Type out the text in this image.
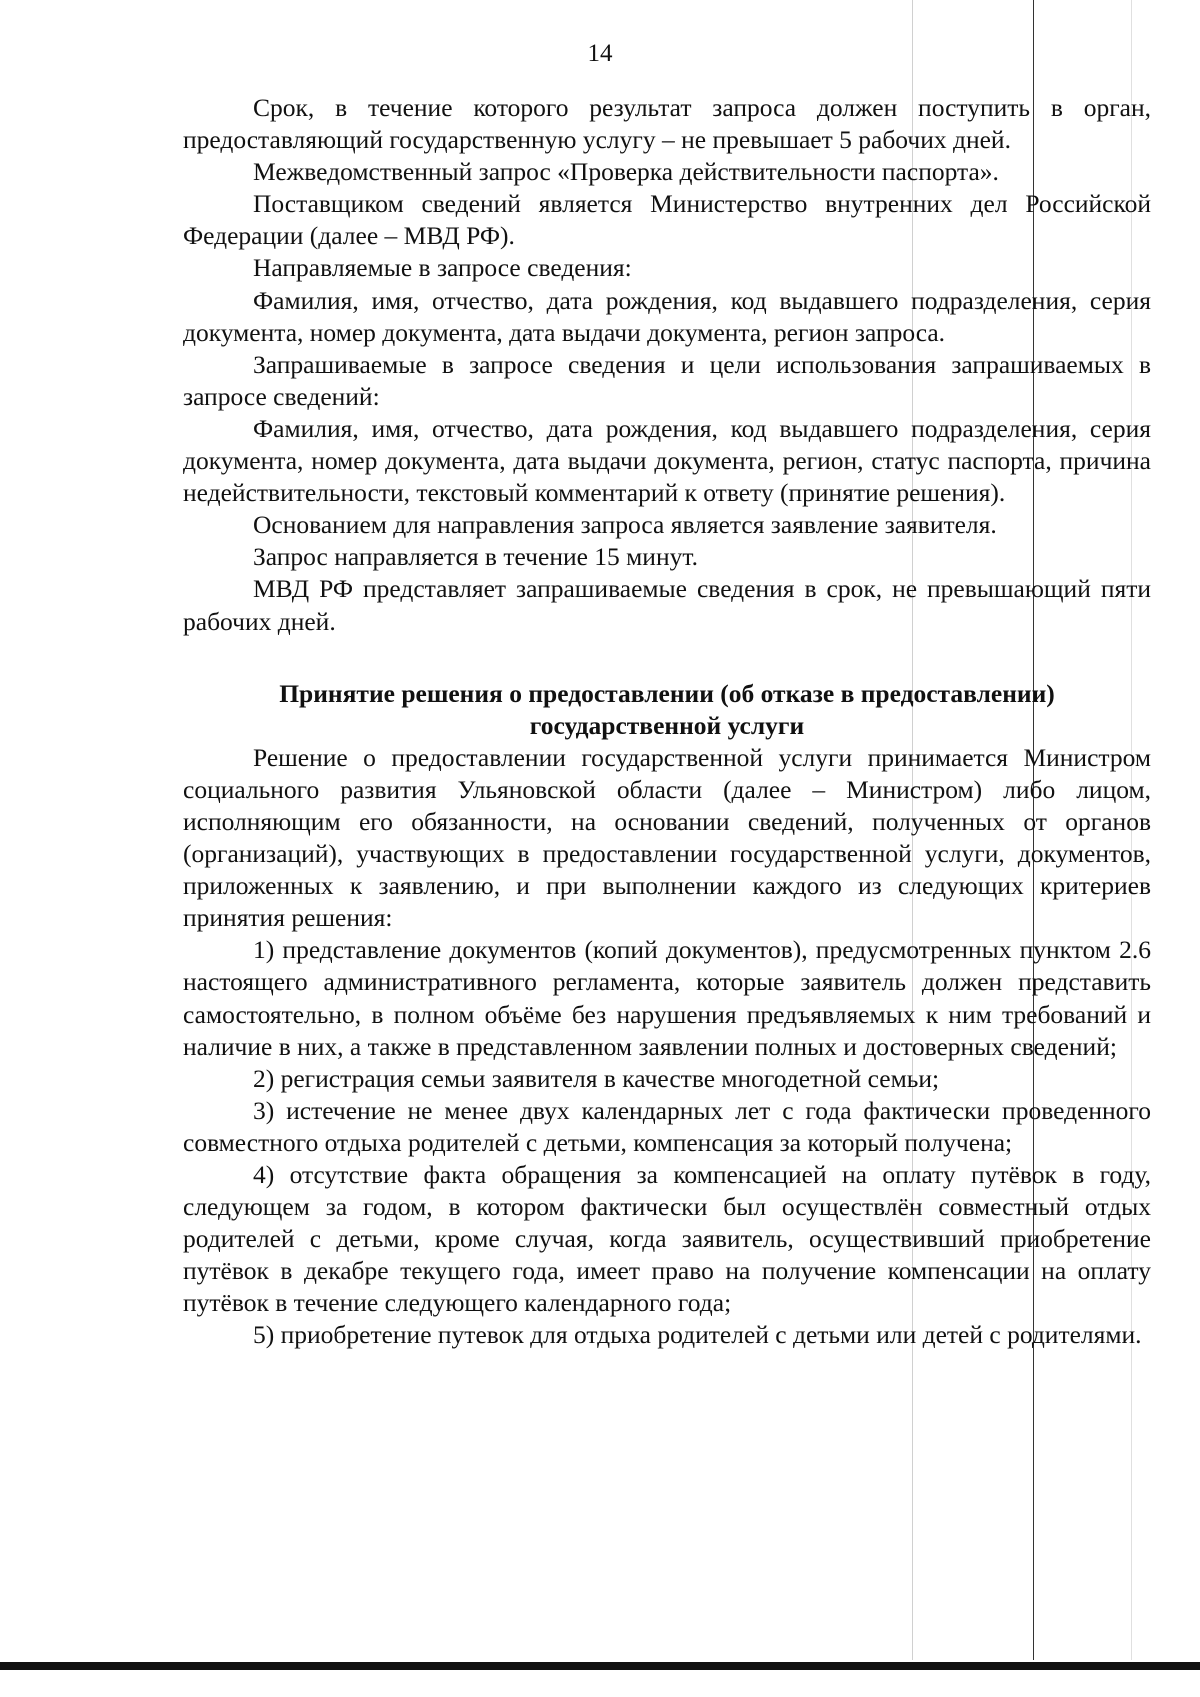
14

Срок, в течение которого результат запроса должен поступить в орган, предоставляющий государственную услугу – не превышает 5 рабочих дней.

Межведомственный запрос «Проверка действительности паспорта».

Поставщиком сведений является Министерство внутренних дел Российской Федерации (далее – МВД РФ).

Направляемые в запросе сведения:

Фамилия, имя, отчество, дата рождения, код выдавшего подразделения, серия документа, номер документа, дата выдачи документа, регион запроса.

Запрашиваемые в запросе сведения и цели использования запрашиваемых в запросе сведений:

Фамилия, имя, отчество, дата рождения, код выдавшего подразделения, серия документа, номер документа, дата выдачи документа, регион, статус паспорта, причина недействительности, текстовый комментарий к ответу (принятие решения).

Основанием для направления запроса является заявление заявителя.

Запрос направляется в течение 15 минут.

МВД РФ представляет запрашиваемые сведения в срок, не превышающий пяти рабочих дней.

Принятие решения о предоставлении (об отказе в предоставлении)
государственной услуги

Решение о предоставлении государственной услуги принимается Министром социального развития Ульяновской области (далее – Министром) либо лицом, исполняющим его обязанности, на основании сведений, полученных от органов (организаций), участвующих в предоставлении государственной услуги, документов, приложенных к заявлению, и при выполнении каждого из следующих критериев принятия решения:

1) представление документов (копий документов), предусмотренных пунктом 2.6 настоящего административного регламента, которые заявитель должен представить самостоятельно, в полном объёме без нарушения предъявляемых к ним требований и наличие в них, а также в представленном заявлении полных и достоверных сведений;

2) регистрация семьи заявителя в качестве многодетной семьи;

3) истечение не менее двух календарных лет с года фактически проведенного совместного отдыха родителей с детьми, компенсация за который получена;

4) отсутствие факта обращения за компенсацией на оплату путёвок в году, следующем за годом, в котором фактически был осуществлён совместный отдых родителей с детьми, кроме случая, когда заявитель, осуществивший приобретение путёвок в декабре текущего года, имеет право на получение компенсации на оплату путёвок в течение следующего календарного года;

5) приобретение путевок для отдыха родителей с детьми или детей с родителями.
